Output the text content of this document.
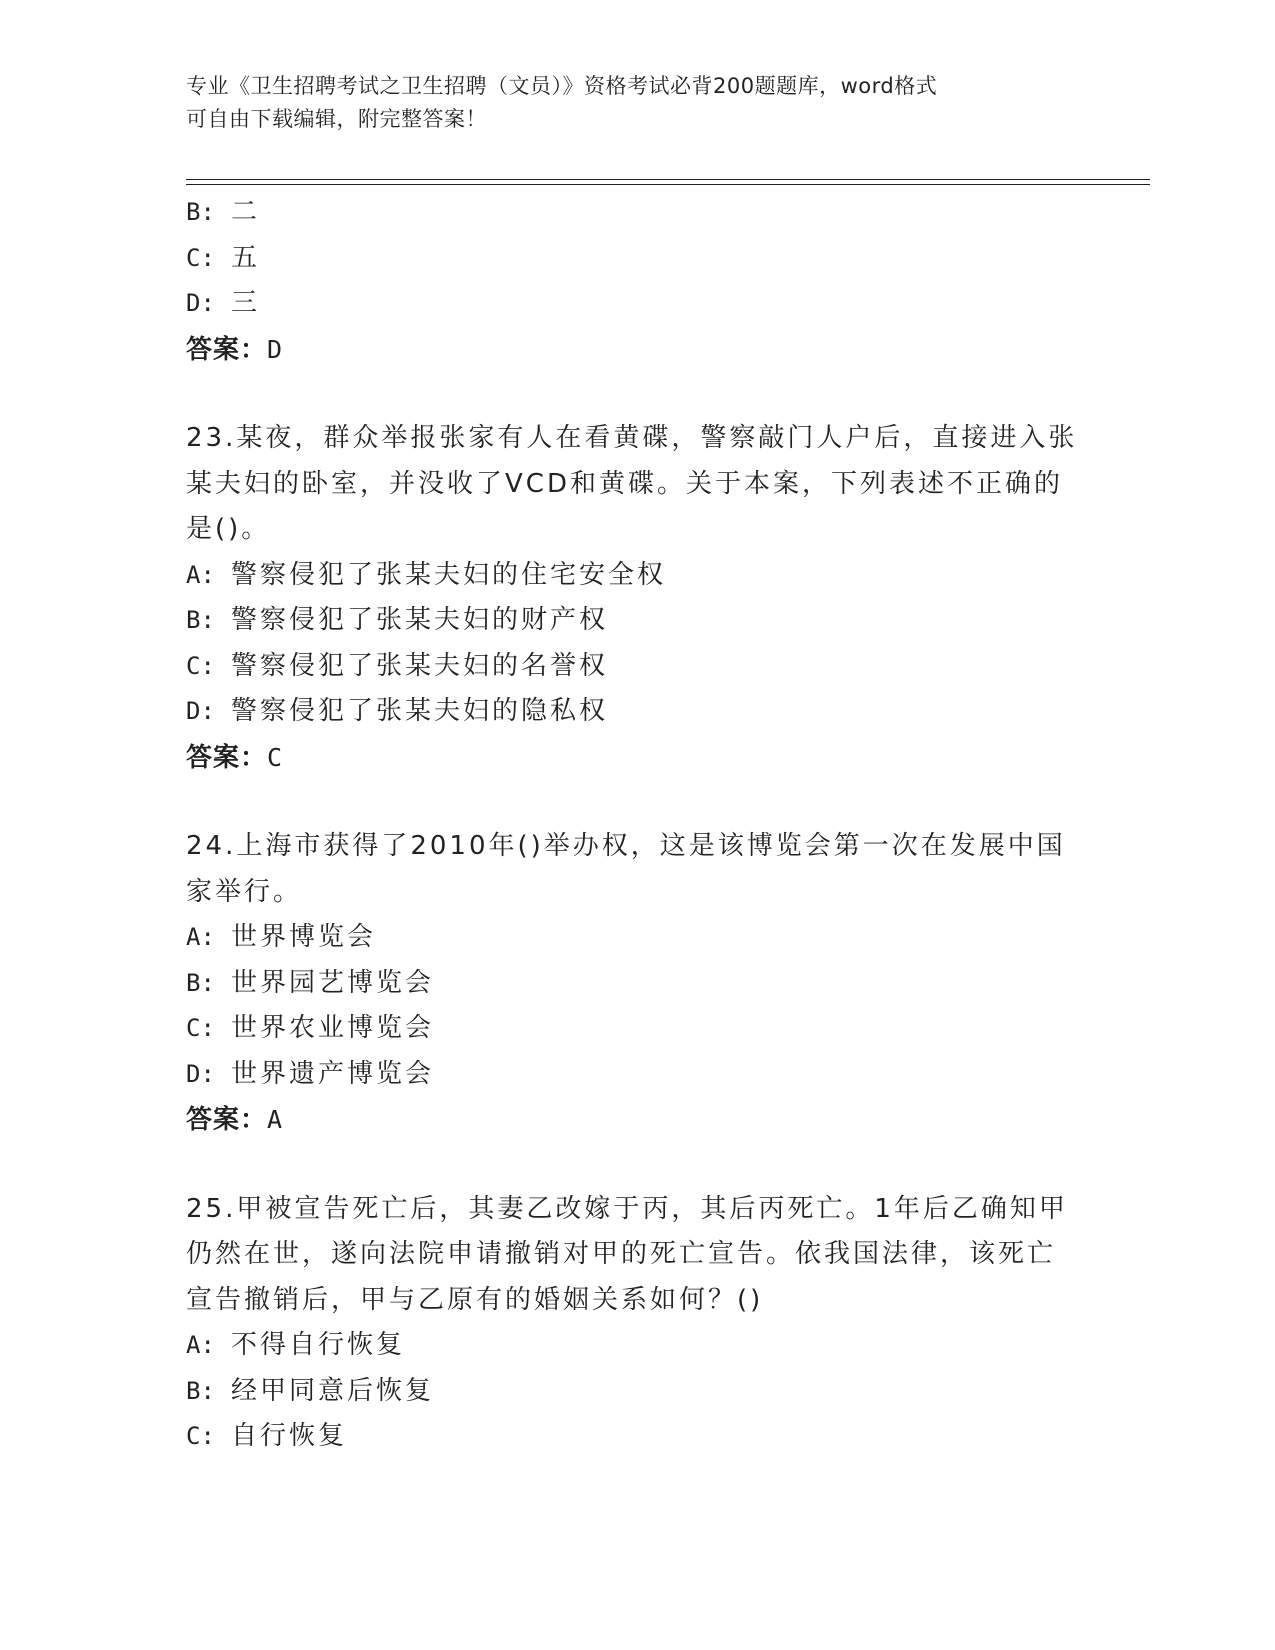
专业《卫生招聘考试之卫生招聘（文员）》资格考试必背200题题库，word格式
可自由下载编辑，附完整答案！
B: 二
C: 五
D: 三
答案：D
23.某夜，群众举报张家有人在看黄碟，警察敲门人户后，直接进入张
某夫妇的卧室，并没收了VCD和黄碟。关于本案，下列表述不正确的
是()。
A: 警察侵犯了张某夫妇的住宅安全权
B: 警察侵犯了张某夫妇的财产权
C: 警察侵犯了张某夫妇的名誉权
D: 警察侵犯了张某夫妇的隐私权
答案：C
24.上海市获得了2010年()举办权，这是该博览会第一次在发展中国
家举行。
A: 世界博览会
B: 世界园艺博览会
C: 世界农业博览会
D: 世界遗产博览会
答案：A
25.甲被宣告死亡后，其妻乙改嫁于丙，其后丙死亡。1年后乙确知甲
仍然在世，遂向法院申请撤销对甲的死亡宣告。依我国法律，该死亡
宣告撤销后，甲与乙原有的婚姻关系如何？()
A: 不得自行恢复
B: 经甲同意后恢复
C: 自行恢复
